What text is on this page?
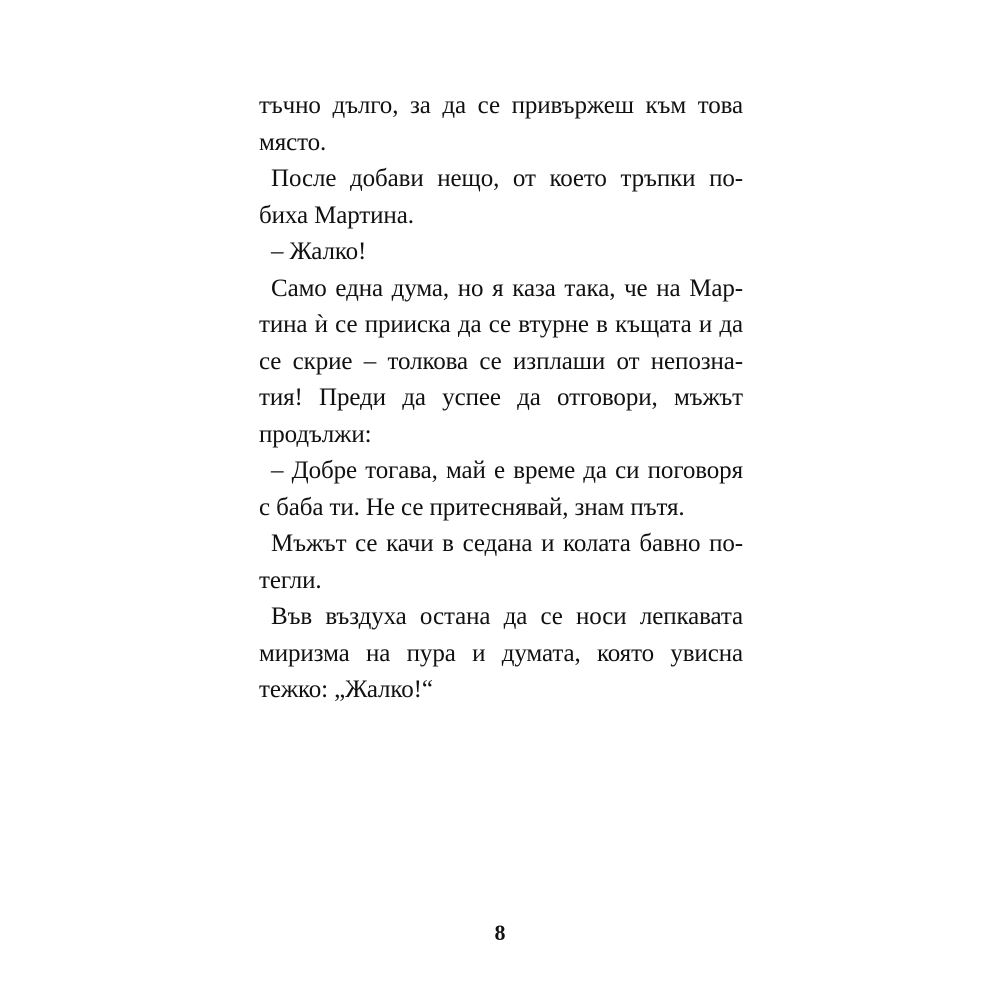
тъчно дълго, за да се привържеш към това
място.
После добави нещо, от което тръпки по-
биха Мартина.
– Жалко!
Само една дума, но я каза така, че на Мар-
тина ѝ се прииска да се втурне в къщата и да
се скрие – толкова се изплаши от непозна-
тия! Преди да успее да отговори, мъжът
продължи:
– Добре тогава, май е време да си поговоря
с баба ти. Не се притеснявай, знам пътя.
Мъжът се качи в седана и колата бавно по-
тегли.
Във въздуха остана да се носи лепкавата
миризма на пура и думата, която увисна
тежко: „Жалко!“
8
